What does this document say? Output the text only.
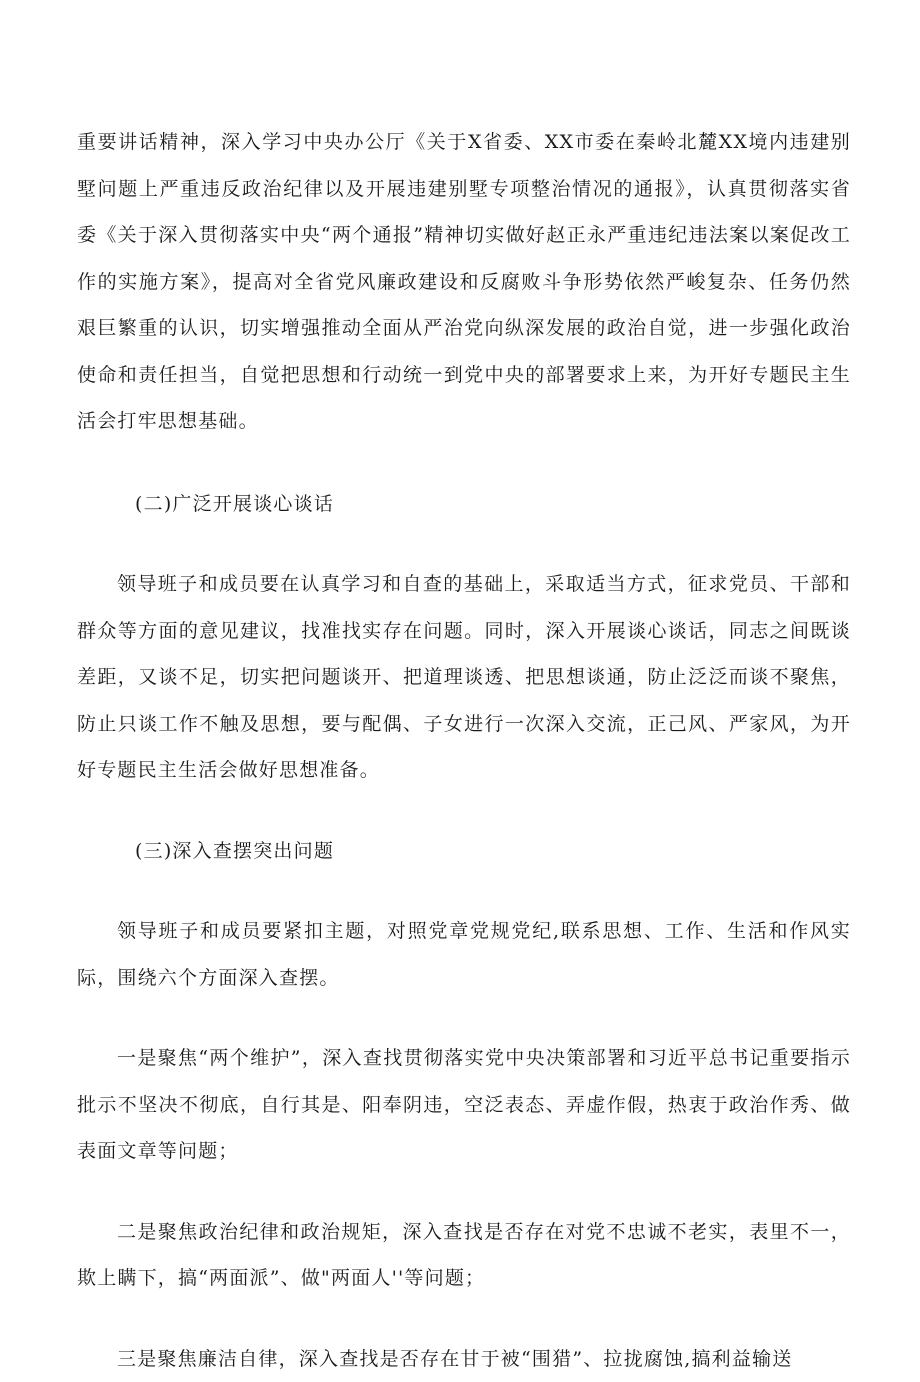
重要讲话精神，深入学习中央办公厅《关于X省委、XX市委在秦岭北麓XX境内违建别墅问题上严重违反政治纪律以及开展违建别墅专项整治情况的通报》，认真贯彻落实省委《关于深入贯彻落实中央“两个通报”精神切实做好赵正永严重违纪违法案以案促改工作的实施方案》，提高对全省党风廉政建设和反腐败斗争形势依然严峻复杂、任务仍然艰巨繁重的认识，切实增强推动全面从严治党向纵深发展的政治自觉，进一步强化政治使命和责任担当，自觉把思想和行动统一到党中央的部署要求上来，为开好专题民主生活会打牢思想基础。

(二)广泛开展谈心谈话

领导班子和成员要在认真学习和自查的基础上，采取适当方式，征求党员、干部和群众等方面的意见建议，找准找实存在问题。同时，深入开展谈心谈话，同志之间既谈差距，又谈不足，切实把问题谈开、把道理谈透、把思想谈通，防止泛泛而谈不聚焦，防止只谈工作不触及思想，要与配偶、子女进行一次深入交流，正己风、严家风，为开好专题民主生活会做好思想准备。

(三)深入查摆突出问题

领导班子和成员要紧扣主题，对照党章党规党纪,联系思想、工作、生活和作风实际，围绕六个方面深入查摆。

一是聚焦“两个维护”，深入查找贯彻落实党中央决策部署和习近平总书记重要指示批示不坚决不彻底，自行其是、阳奉阴违，空泛表态、弄虚作假，热衷于政治作秀、做表面文章等问题；

二是聚焦政治纪律和政治规矩，深入查找是否存在对党不忠诚不老实，表里不一，欺上瞒下，搞“两面派”、做"两面人''等问题；

三是聚焦廉洁自律，深入查找是否存在甘于被“围猎”、拉拢腐蚀,搞利益输送
